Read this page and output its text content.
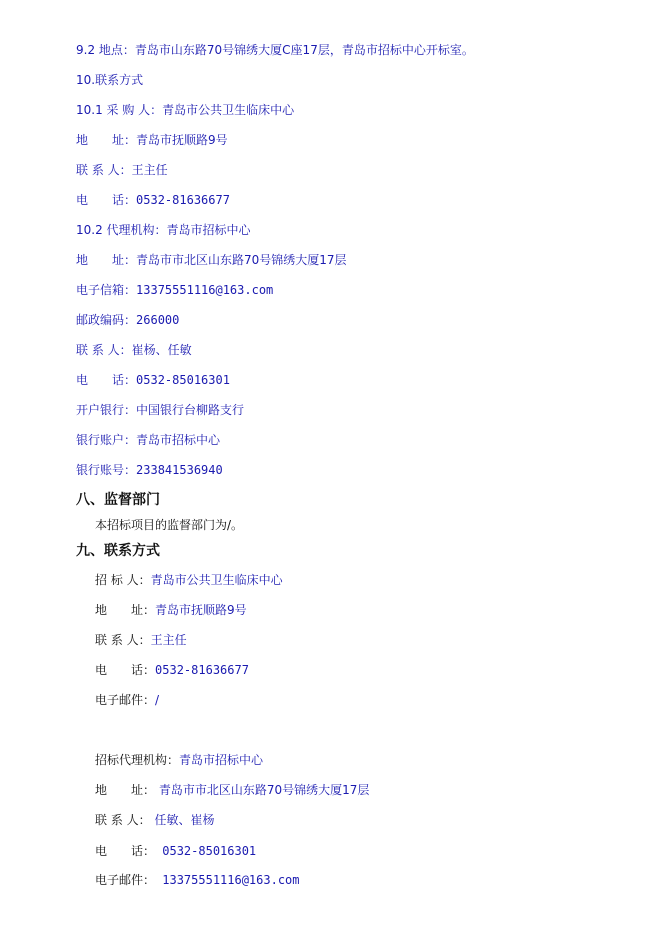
9.2 地点：青岛市山东路70号锦绣大厦C座17层，青岛市招标中心开标室。
10.联系方式
10.1 采 购 人：青岛市公共卫生临床中心
地　　址：青岛市抚顺路9号
联 系 人：王主任
电　　话：0532-81636677
10.2 代理机构：青岛市招标中心
地　　址：青岛市市北区山东路70号锦绣大厦17层
电子信箱：13375551116@163.com
邮政编码：266000
联 系 人：崔杨、任敏
电　　话：0532-85016301
开户银行：中国银行台柳路支行
银行账户：青岛市招标中心
银行账号：233841536940
八、监督部门
本招标项目的监督部门为/。
九、联系方式
招 标 人：青岛市公共卫生临床中心
地　　址：青岛市抚顺路9号
联 系 人：王主任
电　　话：0532-81636677
电子邮件：/
招标代理机构：青岛市招标中心
地　　址： 青岛市市北区山东路70号锦绣大厦17层
联 系 人： 任敏、崔杨
电　　话： 0532-85016301
电子邮件： 13375551116@163.com
